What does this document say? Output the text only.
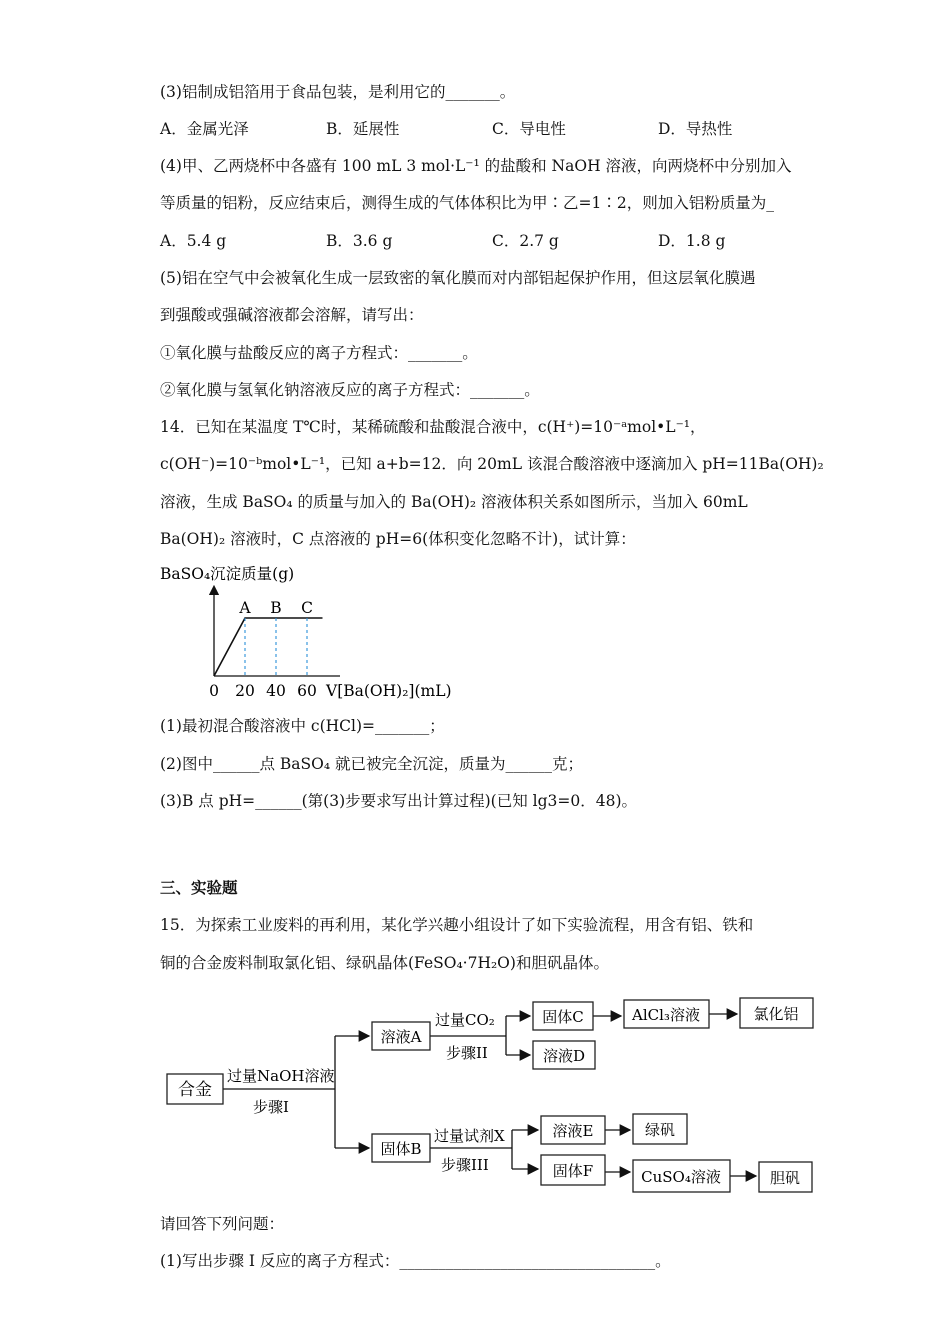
(3)铝制成铝箔用于食品包装，是利用它的_______。
A．金属光泽	B．延展性	C．导电性	D．导热性
(4)甲、乙两烧杯中各盛有 100 mL 3 mol·L⁻¹ 的盐酸和 NaOH 溶液，向两烧杯中分别加入
等质量的铝粉，反应结束后，测得生成的气体体积比为甲∶乙=1∶2，则加入铝粉质量为_
A．5.4 g	B．3.6 g	C．2.7 g	D．1.8 g
(5)铝在空气中会被氧化生成一层致密的氧化膜而对内部铝起保护作用，但这层氧化膜遇
到强酸或强碱溶液都会溶解，请写出：
①氧化膜与盐酸反应的离子方程式：_______。
②氧化膜与氢氧化钠溶液反应的离子方程式：_______。
14．已知在某温度 T℃时，某稀硫酸和盐酸混合液中，c(H⁺)=10⁻ᵃmol•L⁻¹，
c(OH⁻)=10⁻ᵇmol•L⁻¹，已知 a+b=12．向 20mL 该混合酸溶液中逐滴加入 pH=11Ba(OH)₂
溶液，生成 BaSO₄ 的质量与加入的 Ba(OH)₂ 溶液体积关系如图所示，当加入 60mL
Ba(OH)₂ 溶液时，C 点溶液的 pH=6(体积变化忽略不计)，试计算：
BaSO₄沉淀质量(g)
A B C
0 20 40 60 V[Ba(OH)₂](mL)
(1)最初混合酸溶液中 c(HCl)=_______；
(2)图中______点 BaSO₄ 就已被完全沉淀，质量为______克；
(3)B 点 pH=______(第(3)步要求写出计算过程)(已知 lg3=0．48)。
三、实验题
15．为探索工业废料的再利用，某化学兴趣小组设计了如下实验流程，用含有铝、铁和
铜的合金废料制取氯化铝、绿矾晶体(FeSO₄·7H₂O)和胆矾晶体。
合金
过量NaOH溶液
步骤I
溶液A
过量CO₂
步骤II
固体C
溶液D
AlCl₃溶液	氯化铝
固体B
过量试剂X
步骤III
溶液E
固体F
绿矾
CuSO₄溶液	胆矾
请回答下列问题：
(1)写出步骤 I 反应的离子方程式：_________________________________。
